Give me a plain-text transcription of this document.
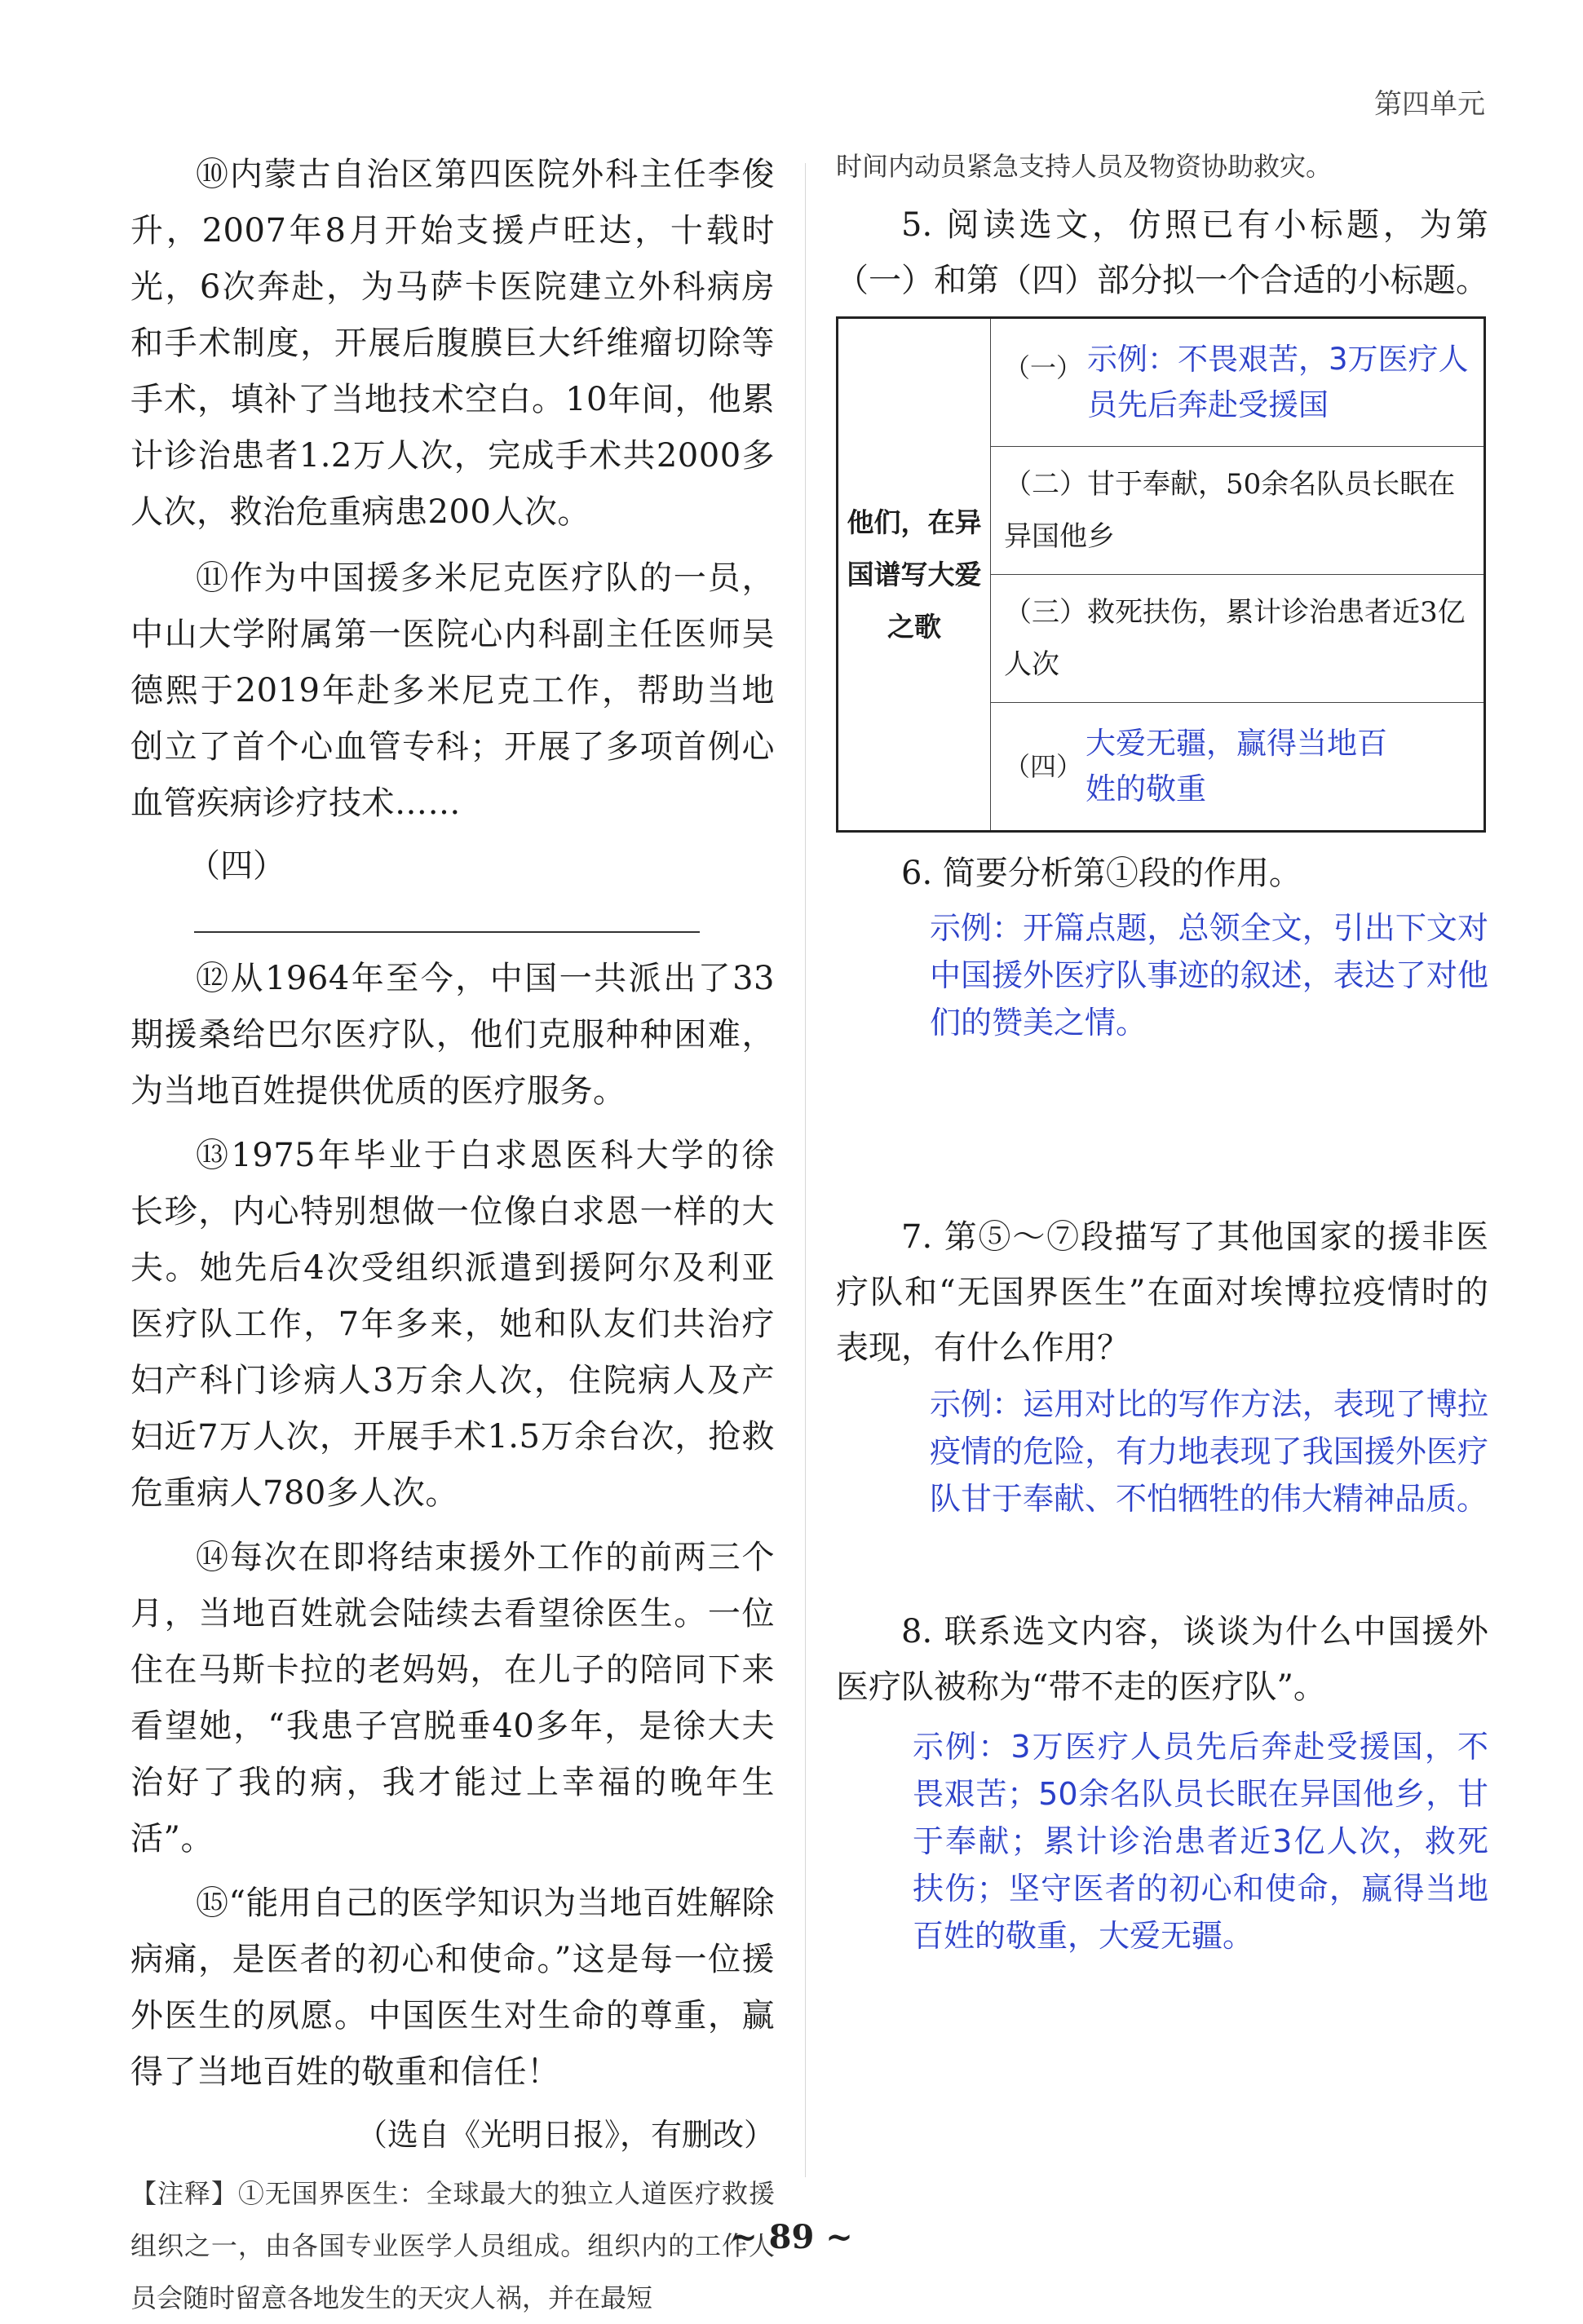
第四单元

⑩内蒙古自治区第四医院外科主任李俊升，2007年8月开始支援卢旺达，十载时光，6次奔赴，为马萨卡医院建立外科病房和手术制度，开展后腹膜巨大纤维瘤切除等手术，填补了当地技术空白。10年间，他累计诊治患者1.2万人次，完成手术共2000多人次，救治危重病患200人次。

⑪作为中国援多米尼克医疗队的一员，中山大学附属第一医院心内科副主任医师吴德熙于2019年赴多米尼克工作，帮助当地创立了首个心血管专科；开展了多项首例心血管疾病诊疗技术……

（四）

⑫从1964年至今，中国一共派出了33期援桑给巴尔医疗队，他们克服种种困难，为当地百姓提供优质的医疗服务。

⑬1975年毕业于白求恩医科大学的徐长珍，内心特别想做一位像白求恩一样的大夫。她先后4次受组织派遣到援阿尔及利亚医疗队工作，7年多来，她和队友们共治疗妇产科门诊病人3万余人次，住院病人及产妇近7万人次，开展手术1.5万余台次，抢救危重病人780多人次。

⑭每次在即将结束援外工作的前两三个月，当地百姓就会陆续去看望徐医生。一位住在马斯卡拉的老妈妈，在儿子的陪同下来看望她，“我患子宫脱垂40多年，是徐大夫治好了我的病，我才能过上幸福的晚年生活”。

⑮“能用自己的医学知识为当地百姓解除病痛，是医者的初心和使命。”这是每一位援外医生的夙愿。中国医生对生命的尊重，赢得了当地百姓的敬重和信任！

（选自《光明日报》，有删改）

【注释】①无国界医生：全球最大的独立人道医疗救援组织之一，由各国专业医学人员组成。组织内的工作人员会随时留意各地发生的天灾人祸，并在最短

时间内动员紧急支持人员及物资协助救灾。

5. 阅读选文，仿照已有小标题，为第（一）和第（四）部分拟一个合适的小标题。

他们，在异国谱写大爱之歌	
（一） 示例：不畏艰苦，3万医疗人员先后奔赴受援国

（二）甘于奉献，50余名队员长眠在异国他乡
（三）救死扶伤，累计诊治患者近3亿人次

（四）
大爱无疆，赢得当地百姓的敬重

6. 简要分析第①段的作用。

示例：开篇点题，总领全文，引出下文对中国援外医疗队事迹的叙述，表达了对他们的赞美之情。

7. 第⑤～⑦段描写了其他国家的援非医疗队和“无国界医生”在面对埃博拉疫情时的表现，有什么作用？

示例：运用对比的写作方法，表现了博拉疫情的危险，有力地表现了我国援外医疗队甘于奉献、不怕牺牲的伟大精神品质。

8. 联系选文内容，谈谈为什么中国援外医疗队被称为“带不走的医疗队”。

示例：3万医疗人员先后奔赴受援国，不畏艰苦；50余名队员长眠在异国他乡，甘于奉献；累计诊治患者近3亿人次，救死扶伤；坚守医者的初心和使命，赢得当地百姓的敬重，大爱无疆。

~ 89 ~
